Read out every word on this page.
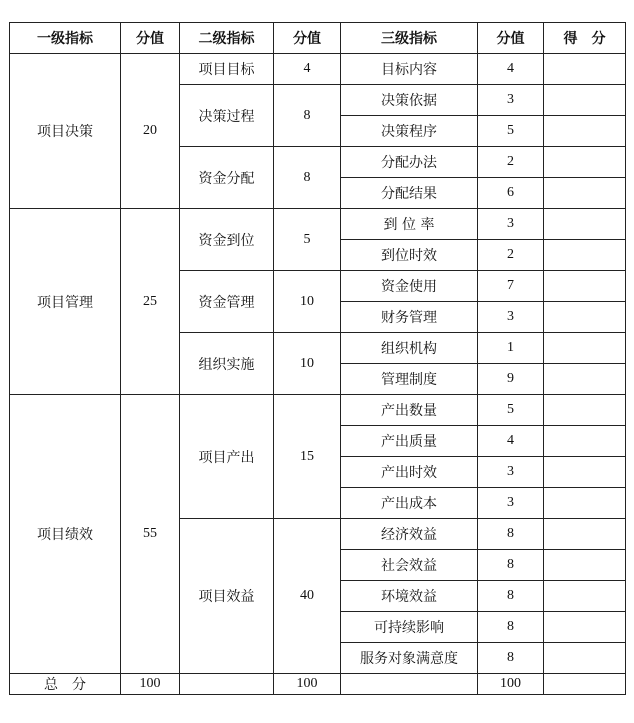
一级指标	分值	二级指标	分值	三级指标	分值	得　分
项目决策	20	项目目标	4	目标内容	4	
		决策过程	8	决策依据	3	
				决策程序	5	
		资金分配	8	分配办法	2	
				分配结果	6	
项目管理	25	资金到位	5	到 位 率	3	
				到位时效	2	
		资金管理	10	资金使用	7	
				财务管理	3	
		组织实施	10	组织机构	1	
				管理制度	9	
项目绩效	55	项目产出	15	产出数量	5	
				产出质量	4	
				产出时效	3	
				产出成本	3	
		项目效益	40	经济效益	8	
				社会效益	8	
				环境效益	8	
				可持续影响	8	
				服务对象满意度	8	
总　分	100		100		100	
